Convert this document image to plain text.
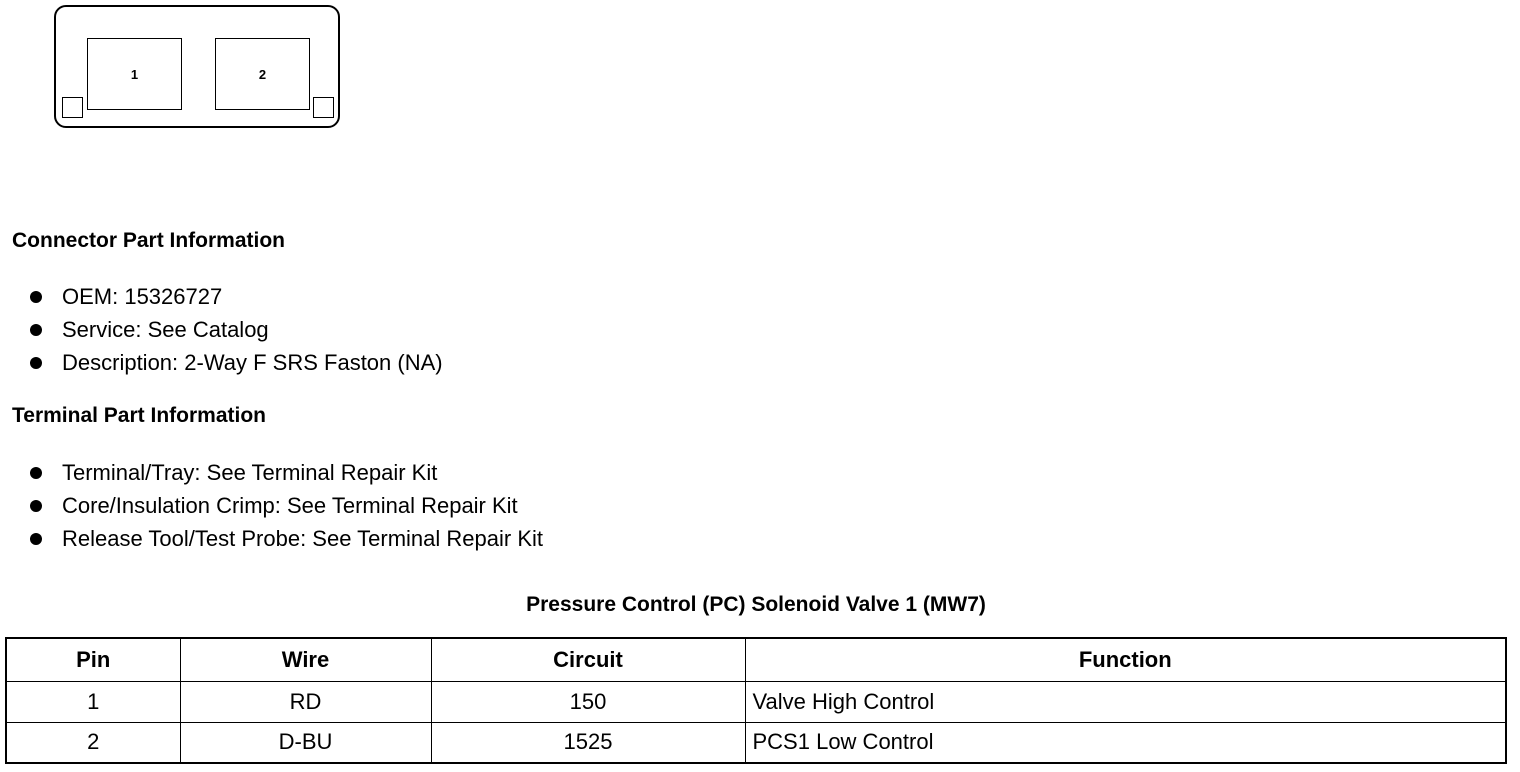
1	2
Connector Part Information
OEM: 15326727
Service: See Catalog
Description: 2-Way F SRS Faston (NA)
Terminal Part Information
Terminal/Tray: See Terminal Repair Kit
Core/Insulation Crimp: See Terminal Repair Kit
Release Tool/Test Probe: See Terminal Repair Kit
Pressure Control (PC) Solenoid Valve 1 (MW7)
Pin	Wire	Circuit	Function
1	RD	150	Valve High Control
2	D-BU	1525	PCS1 Low Control
